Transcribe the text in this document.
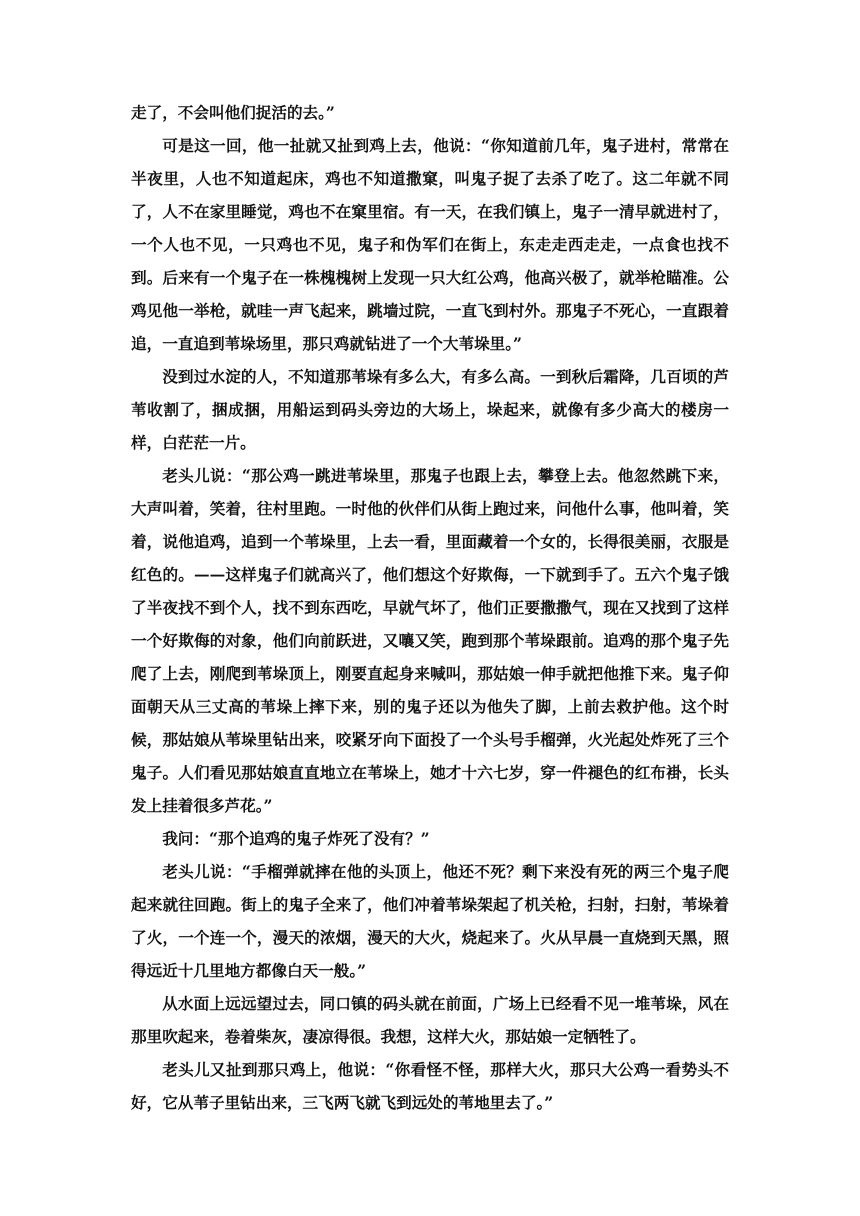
走了，不会叫他们捉活的去。”

可是这一回，他一扯就又扯到鸡上去，他说：“你知道前几年，鬼子进村，常常在半夜里，人也不知道起床，鸡也不知道撒窠，叫鬼子捉了去杀了吃了。这二年就不同了，人不在家里睡觉，鸡也不在窠里宿。有一天，在我们镇上，鬼子一清早就进村了，一个人也不见，一只鸡也不见，鬼子和伪军们在街上，东走走西走走，一点食也找不到。后来有一个鬼子在一株槐槐树上发现一只大红公鸡，他高兴极了，就举枪瞄准。公鸡见他一举枪，就哇一声飞起来，跳墙过院，一直飞到村外。那鬼子不死心，一直跟着追，一直追到苇垛场里，那只鸡就钻进了一个大苇垛里。”

没到过水淀的人，不知道那苇垛有多么大，有多么高。一到秋后霜降，几百顷的芦苇收割了，捆成捆，用船运到码头旁边的大场上，垛起来，就像有多少高大的楼房一样，白茫茫一片。

老头儿说：“那公鸡一跳进苇垛里，那鬼子也跟上去，攀登上去。他忽然跳下来，大声叫着，笑着，往村里跑。一时他的伙伴们从街上跑过来，问他什么事，他叫着，笑着，说他追鸡，追到一个苇垛里，上去一看，里面藏着一个女的，长得很美丽，衣服是红色的。——这样鬼子们就高兴了，他们想这个好欺侮，一下就到手了。五六个鬼子饿了半夜找不到个人，找不到东西吃，早就气坏了，他们正要撒撒气，现在又找到了这样一个好欺侮的对象，他们向前跃进，又嚷又笑，跑到那个苇垛跟前。追鸡的那个鬼子先爬了上去，刚爬到苇垛顶上，刚要直起身来喊叫，那姑娘一伸手就把他推下来。鬼子仰面朝天从三丈高的苇垛上摔下来，别的鬼子还以为他失了脚，上前去救护他。这个时候，那姑娘从苇垛里钻出来，咬紧牙向下面投了一个头号手榴弹，火光起处炸死了三个鬼子。人们看见那姑娘直直地立在苇垛上，她才十六七岁，穿一件褪色的红布褂，长头发上挂着很多芦花。”

我问：“那个追鸡的鬼子炸死了没有？”

老头儿说：“手榴弹就摔在他的头顶上，他还不死？剩下来没有死的两三个鬼子爬起来就往回跑。街上的鬼子全来了，他们冲着苇垛架起了机关枪，扫射，扫射，苇垛着了火，一个连一个，漫天的浓烟，漫天的大火，烧起来了。火从早晨一直烧到天黑，照得远近十几里地方都像白天一般。”

从水面上远远望过去，同口镇的码头就在前面，广场上已经看不见一堆苇垛，风在那里吹起来，卷着柴灰，凄凉得很。我想，这样大火，那姑娘一定牺牲了。

老头儿又扯到那只鸡上，他说：“你看怪不怪，那样大火，那只大公鸡一看势头不好，它从苇子里钻出来，三飞两飞就飞到远处的苇地里去了。”
